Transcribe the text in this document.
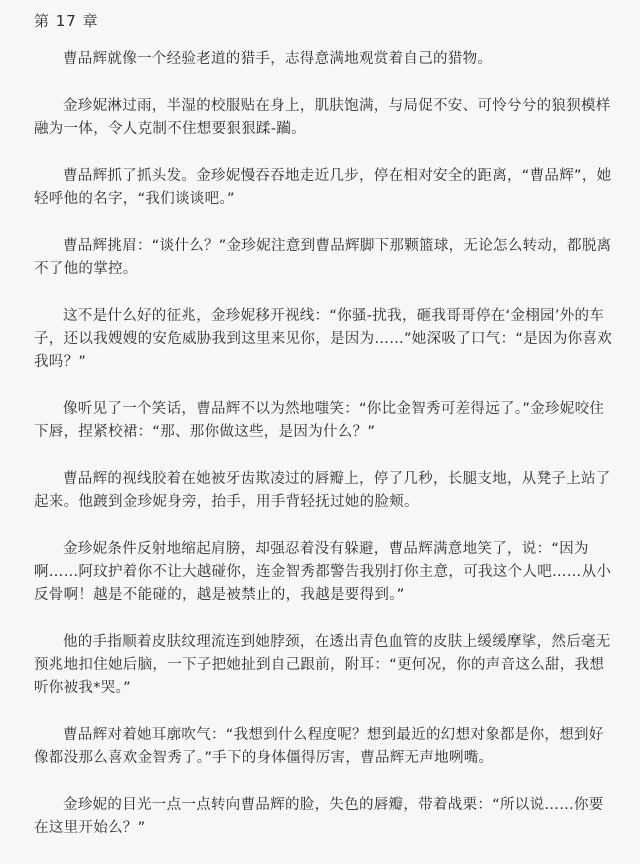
第 17 章

曹品辉就像一个经验老道的猎手，志得意满地观赏着自己的猎物。

金珍妮淋过雨，半湿的校服贴在身上，肌肤饱满，与局促不安、可怜兮兮的狼狈模样融为一体，令人克制不住想要狠狠蹂-躏。

曹品辉抓了抓头发。金珍妮慢吞吞地走近几步，停在相对安全的距离，“曹品辉”，她轻呼他的名字，“我们谈谈吧。”

曹品辉挑眉：“谈什么？”金珍妮注意到曹品辉脚下那颗篮球，无论怎么转动，都脱离不了他的掌控。

这不是什么好的征兆，金珍妮移开视线：“你骚-扰我，砸我哥哥停在‘金栩园’外的车子，还以我嫂嫂的安危威胁我到这里来见你，是因为……”她深吸了口气：“是因为你喜欢我吗？”

像听见了一个笑话，曹品辉不以为然地嗤笑：“你比金智秀可差得远了。”金珍妮咬住下唇，捏紧校裙：“那、那你做这些，是因为什么？”

曹品辉的视线胶着在她被牙齿欺凌过的唇瓣上，停了几秒，长腿支地，从凳子上站了起来。他踱到金珍妮身旁，抬手，用手背轻抚过她的脸颊。

金珍妮条件反射地缩起肩膀，却强忍着没有躲避，曹品辉满意地笑了，说：“因为啊……阿玟护着你不让大越碰你，连金智秀都警告我别打你主意，可我这个人吧……从小反骨啊！越是不能碰的，越是被禁止的，我越是要得到。”

他的手指顺着皮肤纹理流连到她脖颈，在透出青色血管的皮肤上缓缓摩挲，然后毫无预兆地扣住她后脑，一下子把她扯到自己跟前，附耳：“更何况，你的声音这么甜，我想听你被我*哭。”

曹品辉对着她耳廓吹气：“我想到什么程度呢？想到最近的幻想对象都是你，想到好像都没那么喜欢金智秀了。”手下的身体僵得厉害，曹品辉无声地咧嘴。

金珍妮的目光一点一点转向曹品辉的脸，失色的唇瓣，带着战栗：“所以说……你要在这里开始么？”
